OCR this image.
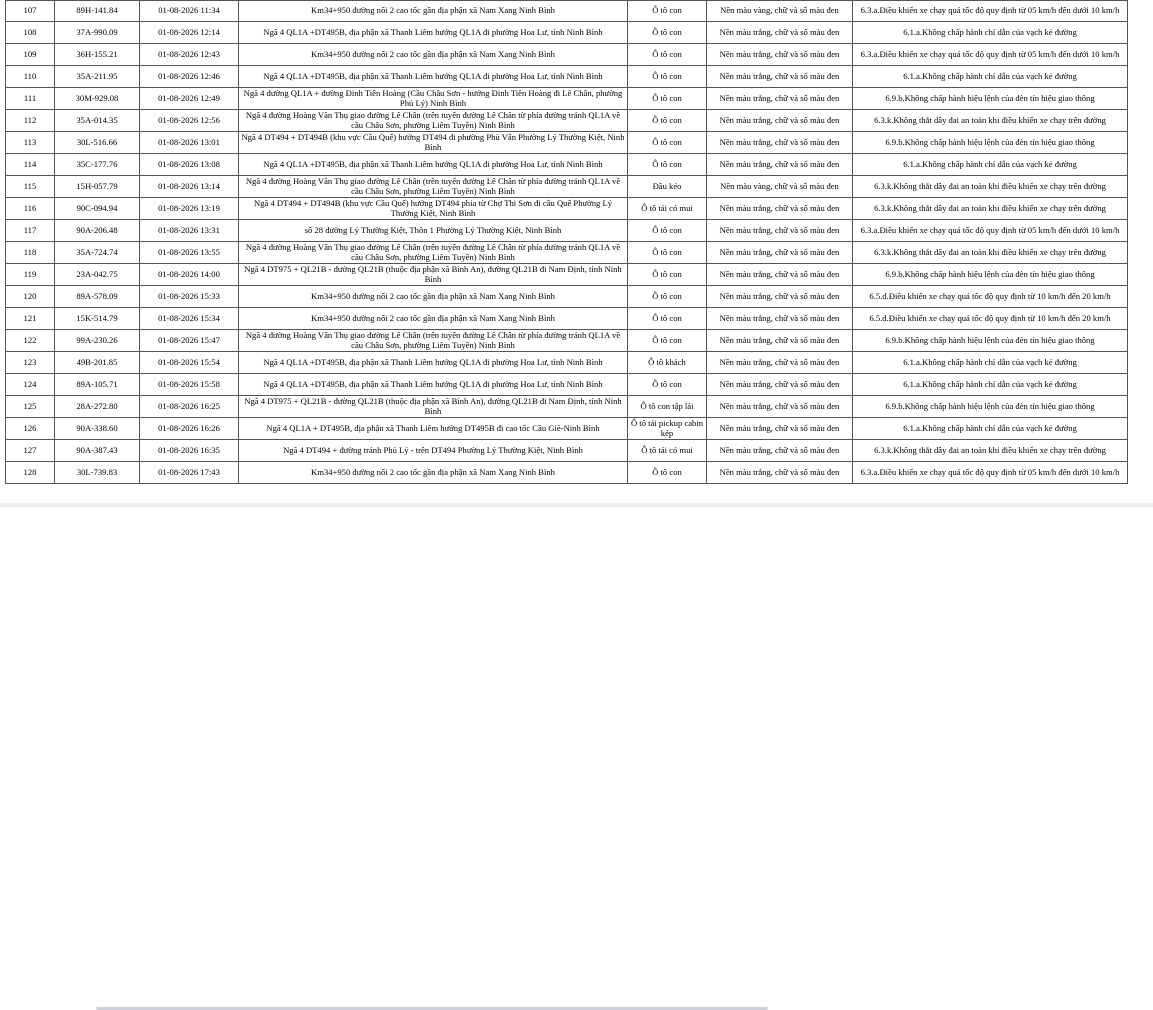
107	89H-141.84	01-08-2026 11:34	Km34+950 đường nối 2 cao tốc gần địa phận xã Nam Xang Ninh Bình	Ô tô con	Nền màu vàng, chữ và số màu đen	6.3.a.Điều khiển xe chạy quá tốc độ quy định từ 05 km/h đến dưới 10 km/h
108	37A-990.09	01-08-2026 12:14	Ngã 4 QL1A +DT495B, địa phận xã Thanh Liêm hướng QL1A đi phường Hoa Lư, tỉnh Ninh Bình	Ô tô con	Nền màu trắng, chữ và số màu đen	6.1.a.Không chấp hành chỉ dẫn của vạch kẻ đường
109	36H-155.21	01-08-2026 12:43	Km34+950 đường nối 2 cao tốc gần địa phận xã Nam Xang Ninh Bình	Ô tô con	Nền màu trắng, chữ và số màu đen	6.3.a.Điều khiển xe chạy quá tốc độ quy định từ 05 km/h đến dưới 10 km/h
110	35A-211.95	01-08-2026 12:46	Ngã 4 QL1A +DT495B, địa phận xã Thanh Liêm hướng QL1A đi phường Hoa Lư, tỉnh Ninh Bình	Ô tô con	Nền màu trắng, chữ và số màu đen	6.1.a.Không chấp hành chỉ dẫn của vạch kẻ đường
111	30M-929.08	01-08-2026 12:49	Ngã 4 đường QL1A + đường Đinh Tiên Hoàng (Cầu Châu Sơn - hướng Đinh Tiên Hoàng đi Lê Chân, phường Phủ Lý) Ninh Bình	Ô tô con	Nền màu trắng, chữ và số màu đen	6.9.b.Không chấp hành hiệu lệnh của đèn tín hiệu giao thông
112	35A-014.35	01-08-2026 12:56	Ngã 4 đường Hoàng Văn Thụ giao đường Lê Chân (trên tuyến đường Lê Chân từ phía đường tránh QL1A về cầu Châu Sơn, phường Liêm Tuyền) Ninh Bình	Ô tô con	Nền màu trắng, chữ và số màu đen	6.3.k.Không thắt dây đai an toàn khi điều khiển xe chạy trên đường
113	30L-516.66	01-08-2026 13:01	Ngã 4 DT494 + DT494B (khu vực Cầu Quế) hướng DT494 đi phường Phù Vân Phường Lý Thường Kiệt, Ninh Bình	Ô tô con	Nền màu trắng, chữ và số màu đen	6.9.b.Không chấp hành hiệu lệnh của đèn tín hiệu giao thông
114	35C-177.76	01-08-2026 13:08	Ngã 4 QL1A +DT495B, địa phận xã Thanh Liêm hướng QL1A đi phường Hoa Lư, tỉnh Ninh Bình	Ô tô con	Nền màu trắng, chữ và số màu đen	6.1.a.Không chấp hành chỉ dẫn của vạch kẻ đường
115	15H-057.79	01-08-2026 13:14	Ngã 4 đường Hoàng Văn Thụ giao đường Lê Chân (trên tuyến đường Lê Chân từ phía đường tránh QL1A về cầu Châu Sơn, phường Liêm Tuyền) Ninh Bình	Đầu kéo	Nền màu vàng, chữ và số màu đen	6.3.k.Không thắt dây đai an toàn khi điều khiển xe chạy trên đường
116	90C-094.94	01-08-2026 13:19	Ngã 4 DT494 + DT494B (khu vực Cầu Quế) hướng DT494 phía từ Chợ Thi Sơn đi cầu Quế Phường Lý Thường Kiệt, Ninh Bình	Ô tô tải có mui	Nền màu trắng, chữ và số màu đen	6.3.k.Không thắt dây đai an toàn khi điều khiển xe chạy trên đường
117	90A-206.48	01-08-2026 13:31	số 28 đường Lý Thường Kiệt, Thôn 1 Phường Lý Thường Kiệt, Ninh Bình	Ô tô con	Nền màu trắng, chữ và số màu đen	6.3.a.Điều khiển xe chạy quá tốc độ quy định từ 05 km/h đến dưới 10 km/h
118	35A-724.74	01-08-2026 13:55	Ngã 4 đường Hoàng Văn Thụ giao đường Lê Chân (trên tuyến đường Lê Chân từ phía đường tránh QL1A về cầu Châu Sơn, phường Liêm Tuyền) Ninh Bình	Ô tô con	Nền màu trắng, chữ và số màu đen	6.3.k.Không thắt dây đai an toàn khi điều khiển xe chạy trên đường
119	23A-042.75	01-08-2026 14:00	Ngã 4 DT975 + QL21B - đường QL21B (thuộc địa phận xã Bình An), đường QL21B đi Nam Định, tỉnh Ninh Bình	Ô tô con	Nền màu trắng, chữ và số màu đen	6.9.b.Không chấp hành hiệu lệnh của đèn tín hiệu giao thông
120	89A-578.09	01-08-2026 15:33	Km34+950 đường nối 2 cao tốc gần địa phận xã Nam Xang Ninh Bình	Ô tô con	Nền màu trắng, chữ và số màu đen	6.5.d.Điều khiển xe chạy quá tốc độ quy định từ 10 km/h đến 20 km/h
121	15K-514.79	01-08-2026 15:34	Km34+950 đường nối 2 cao tốc gần địa phận xã Nam Xang Ninh Bình	Ô tô con	Nền màu trắng, chữ và số màu đen	6.5.d.Điều khiển xe chạy quá tốc độ quy định từ 10 km/h đến 20 km/h
122	99A-230.26	01-08-2026 15:47	Ngã 4 đường Hoàng Văn Thụ giao đường Lê Chân (trên tuyến đường Lê Chân từ phía đường tránh QL1A về cầu Châu Sơn, phường Liêm Tuyền) Ninh Bình	Ô tô con	Nền màu trắng, chữ và số màu đen	6.9.b.Không chấp hành hiệu lệnh của đèn tín hiệu giao thông
123	49B-201.85	01-08-2026 15:54	Ngã 4 QL1A +DT495B, địa phận xã Thanh Liêm hướng QL1A đi phường Hoa Lư, tỉnh Ninh Bình	Ô tô khách	Nền màu trắng, chữ và số màu đen	6.1.a.Không chấp hành chỉ dẫn của vạch kẻ đường
124	89A-105.71	01-08-2026 15:58	Ngã 4 QL1A +DT495B, địa phận xã Thanh Liêm hướng QL1A đi phường Hoa Lư, tỉnh Ninh Bình	Ô tô con	Nền màu trắng, chữ và số màu đen	6.1.a.Không chấp hành chỉ dẫn của vạch kẻ đường
125	28A-272.80	01-08-2026 16:25	Ngã 4 DT975 + QL21B - đường QL21B (thuộc địa phận xã Bình An), đường QL21B đi Nam Định, tỉnh Ninh Bình	Ô tô con tập lái	Nền màu trắng, chữ và số màu đen	6.9.b.Không chấp hành hiệu lệnh của đèn tín hiệu giao thông
126	90A-338.60	01-08-2026 16:26	Ngã 4 QL1A + DT495B, địa phận xã Thanh Liêm hướng DT495B đi cao tốc Cầu Giẽ-Ninh Bình	Ô tô tải pickup cabin kép	Nền màu trắng, chữ và số màu đen	6.1.a.Không chấp hành chỉ dẫn của vạch kẻ đường
127	90A-387.43	01-08-2026 16:35	Ngã 4 DT494 + đường tránh Phủ Lý - trên DT494 Phường Lý Thường Kiệt, Ninh Bình	Ô tô tải có mui	Nền màu trắng, chữ và số màu đen	6.3.k.Không thắt dây đai an toàn khi điều khiển xe chạy trên đường
128	30L-739.83	01-08-2026 17:43	Km34+950 đường nối 2 cao tốc gần địa phận xã Nam Xang Ninh Bình	Ô tô con	Nền màu trắng, chữ và số màu đen	6.3.a.Điều khiển xe chạy quá tốc độ quy định từ 05 km/h đến dưới 10 km/h
